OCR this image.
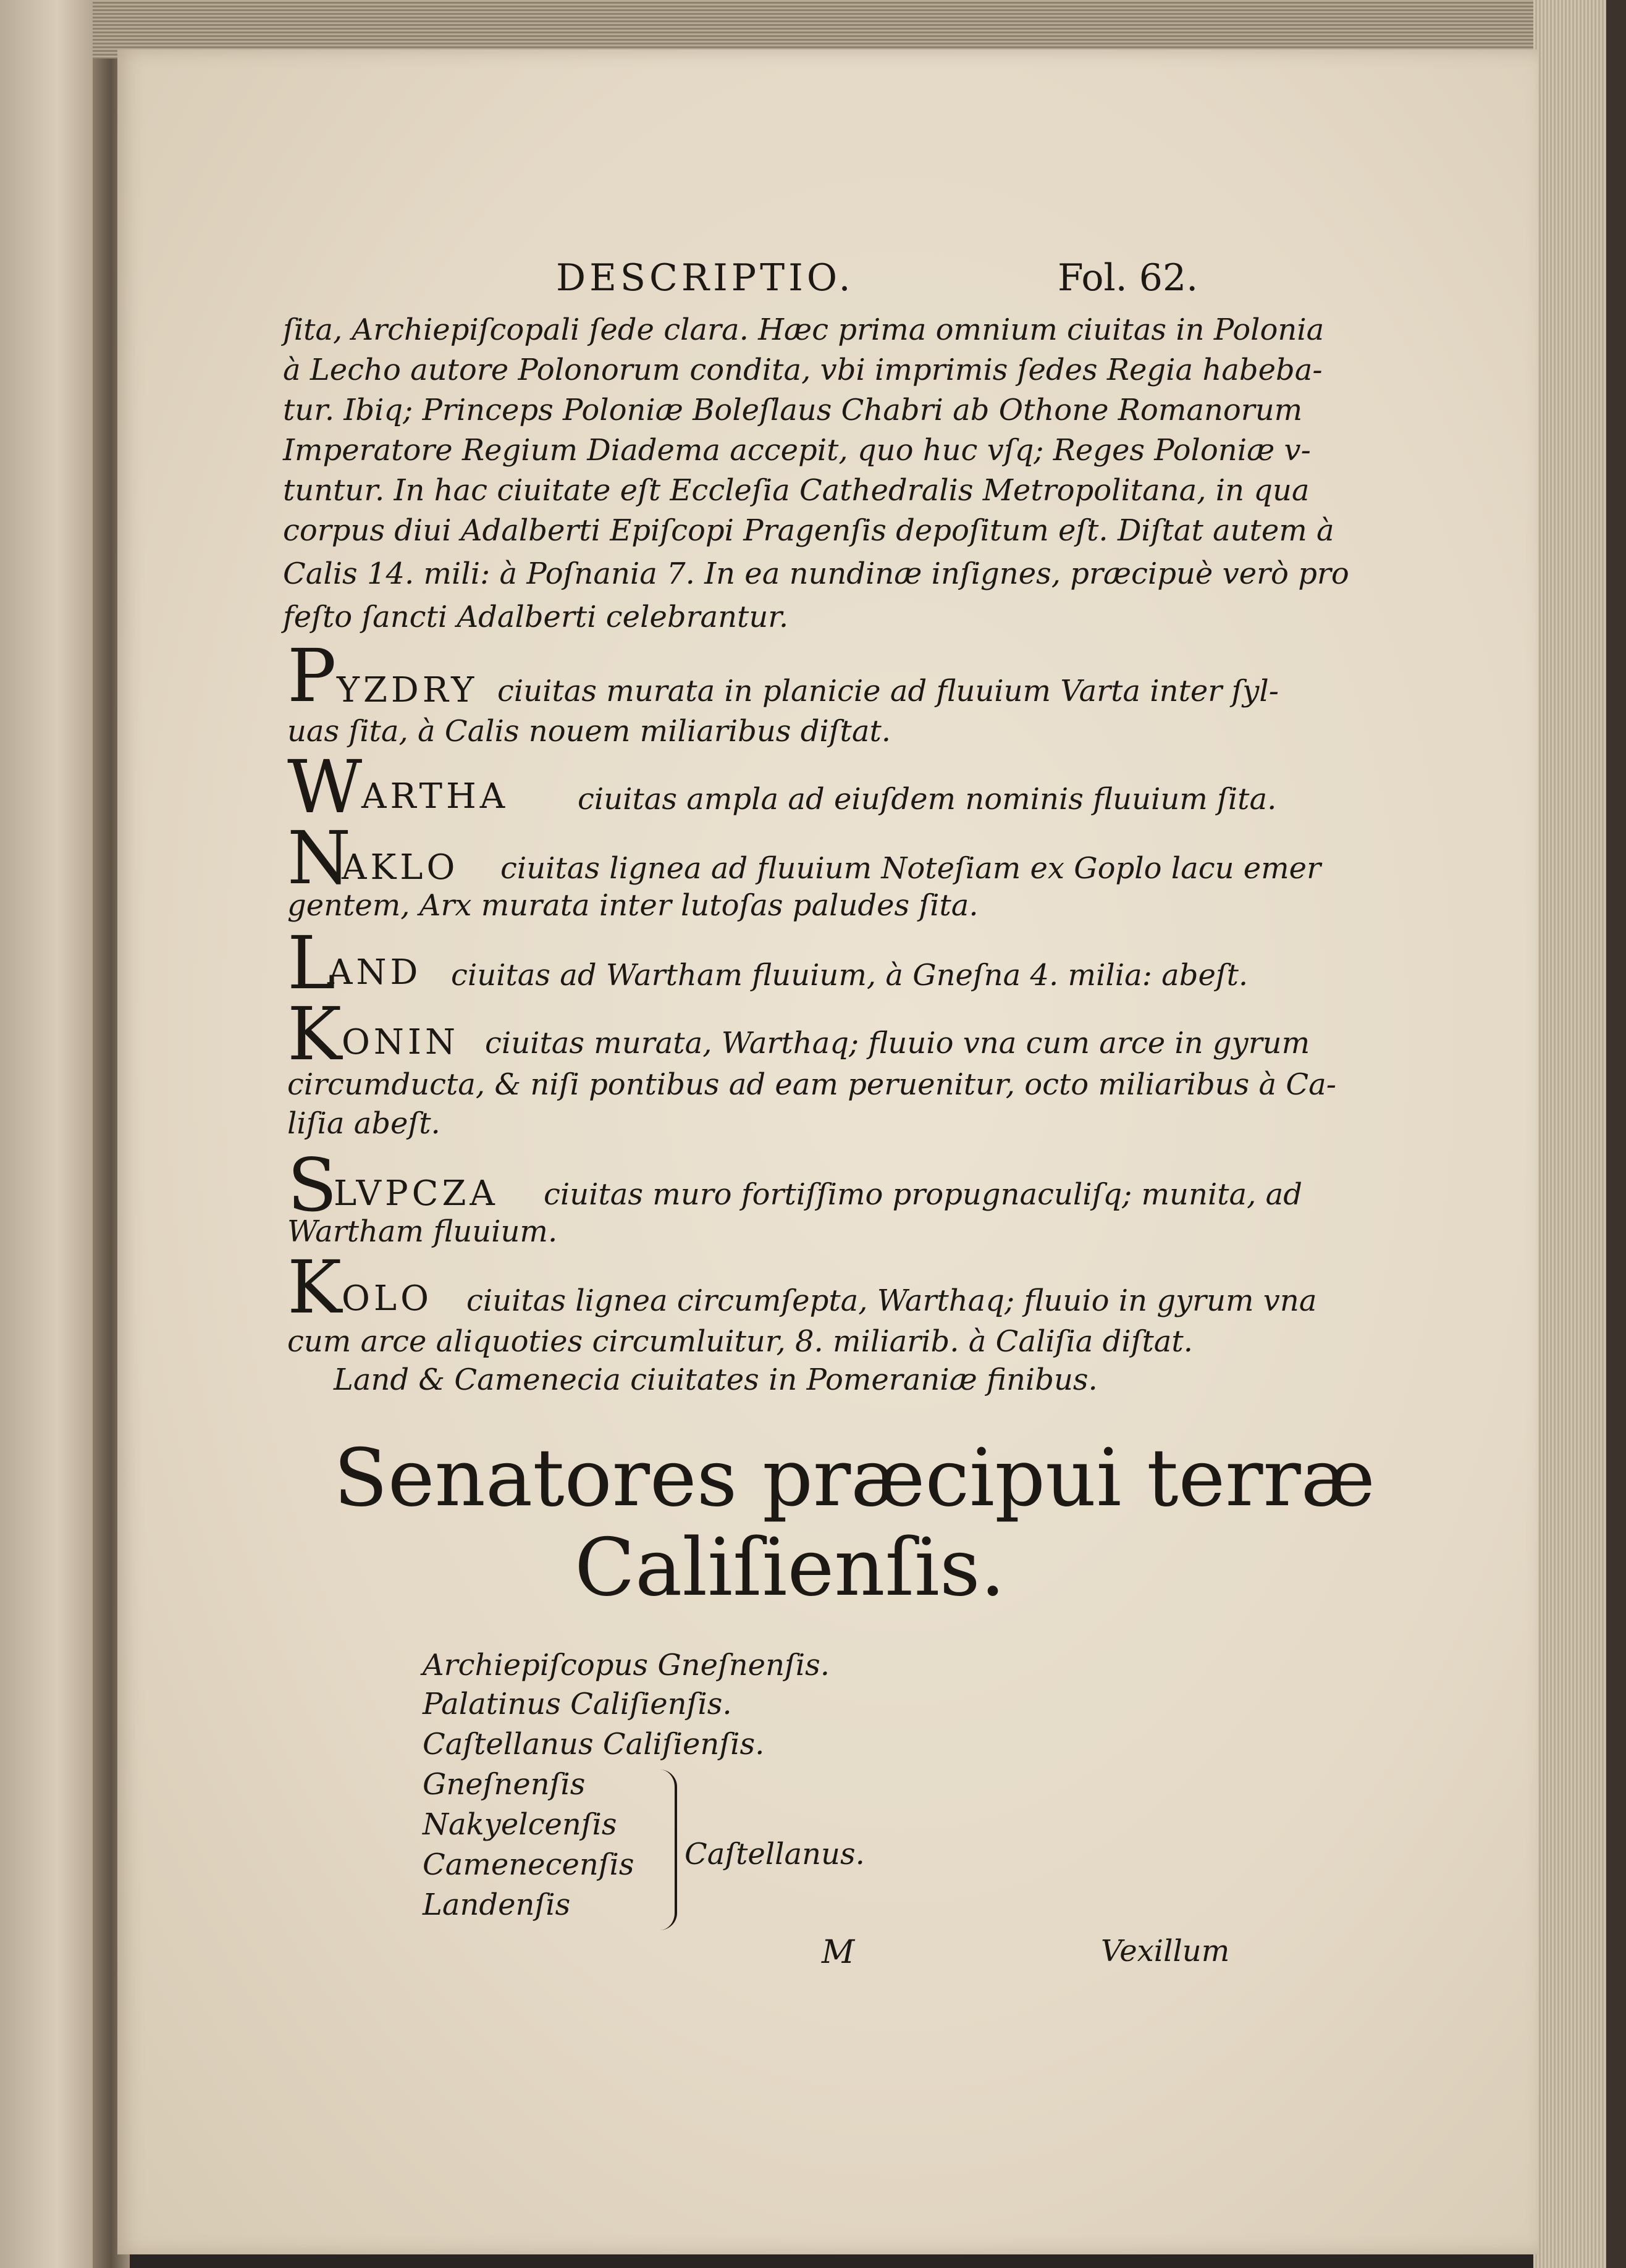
DESCRIPTIO.	Fol. 62.
ſita, Archiepiſcopali ſede clara. Hæc prima omnium ciuitas in Polonia
à Lecho autore Polonorum condita, vbi imprimis ſedes Regia habeba-
tur. Ibiq; Princeps Poloniæ Boleſlaus Chabri ab Othone Romanorum
Imperatore Regium Diadema accepit, quo huc vſq; Reges Poloniæ v-
tuntur. In hac ciuitate eſt Eccleſia Cathedralis Metropolitana, in qua
corpus diui Adalberti Epiſcopi Pragenſis depoſitum eſt. Diſtat autem à
Calis 14. mili: à Poſnania 7. In ea nundinæ inſignes, præcipuè verò pro
feſto ſancti Adalberti celebrantur.
P YZDRY ciuitas murata in planicie ad fluuium Varta inter ſyl-
uas ſita, à Calis nouem miliaribus diſtat.
W
ARTHA ciuitas ampla ad eiuſdem nominis fluuium ſita.
N
AKLO ciuitas lignea ad fluuium Noteſiam ex Goplo lacu emer
gentem, Arx murata inter lutoſas paludes ſita.
L
AND ciuitas ad Wartham fluuium, à Gneſna 4. milia: abeſt.
K ONIN ciuitas murata, Warthaq; fluuio vna cum arce in gyrum
circumducta, & niſi pontibus ad eam peruenitur, octo miliaribus à Ca-
liſia abeſt.
S
LVPCZA ciuitas muro fortiſſimo propugnaculiſq; munita, ad
Wartham fluuium.
K OLO ciuitas lignea circumſepta, Warthaq; fluuio in gyrum vna
cum arce aliquoties circumluitur, 8. miliarib. à Caliſia diſtat.
Land & Camenecia ciuitates in Pomeraniæ finibus.
Senatores præcipui terræ
Caliſienſis.
Archiepiſcopus Gneſnenſis.
Palatinus Caliſienſis.
Caſtellanus Caliſienſis.
Gneſnenſis
Nakyelcenſis
Camenecenſis
Landenſis
Caſtellanus.
M	Vexillum
